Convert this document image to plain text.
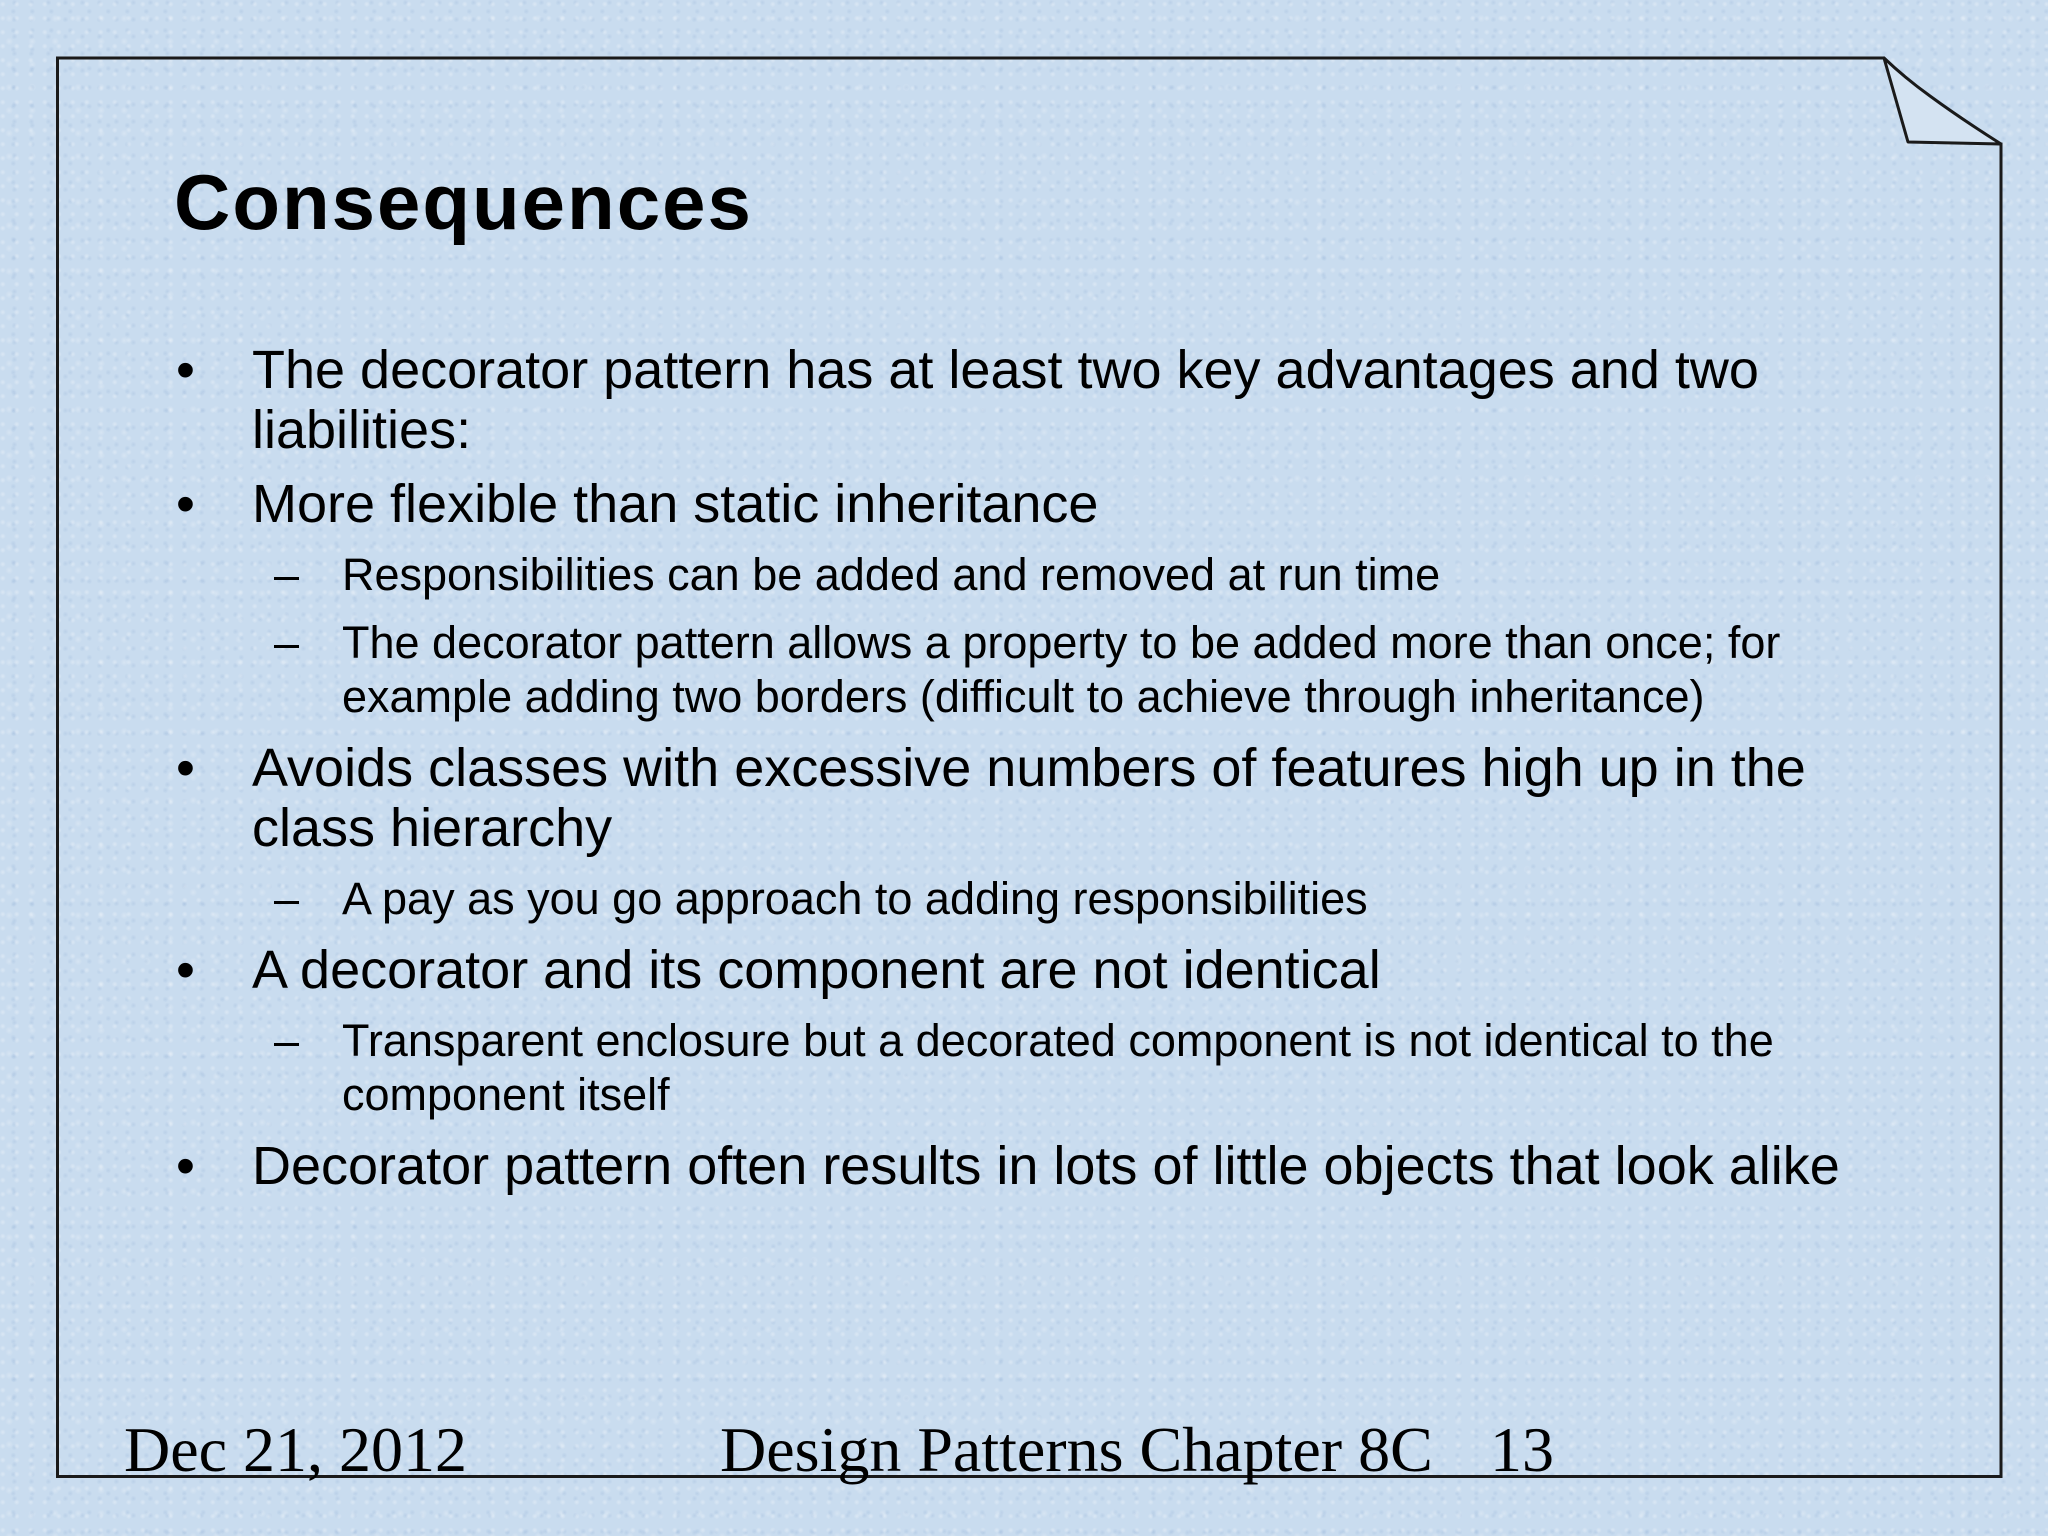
Consequences
• The decorator pattern has at least two key advantages and two liabilities:
• More flexible than static inheritance
– Responsibilities can be added and removed at run time
– The decorator pattern allows a property to be added more than once; for example adding two borders (difficult to achieve through inheritance)
• Avoids classes with excessive numbers of features high up in the class hierarchy
– A pay as you go approach to adding responsibilities
• A decorator and its component are not identical
– Transparent enclosure but a decorated component is not identical to the component itself
• Decorator pattern often results in lots of little objects that look alike

Dec 21, 2012	Design Patterns Chapter 8C 13
